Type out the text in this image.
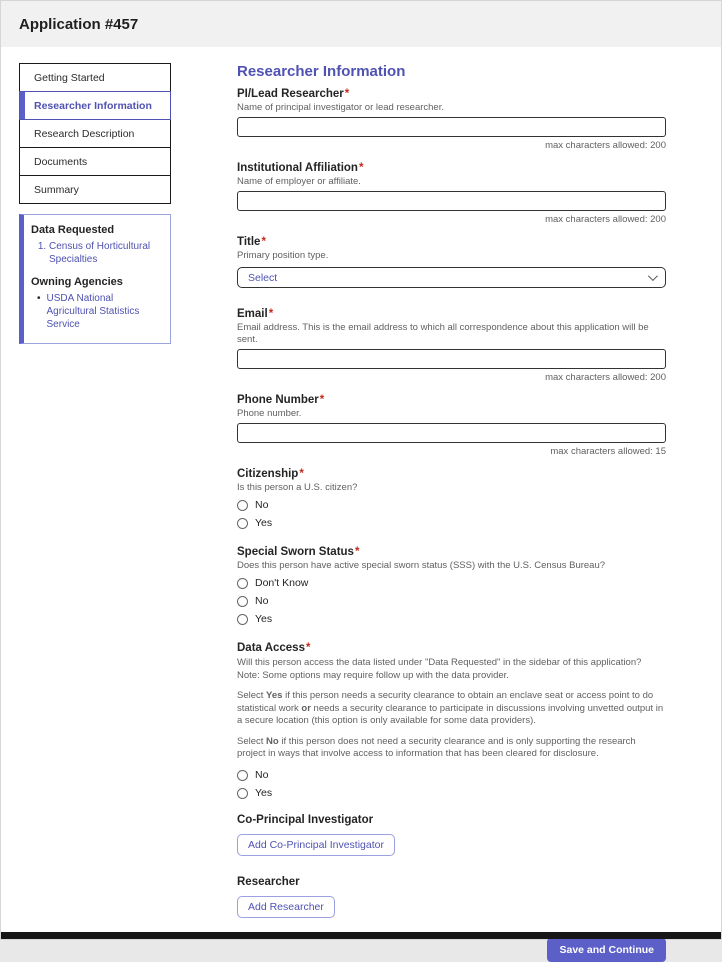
Application #457
Getting Started
Researcher Information
Research Description
Documents
Summary
Data Requested
1. Census of Horticultural Specialties
Owning Agencies
• USDA National Agricultural Statistics Service
Researcher Information
PI/Lead Researcher*
Name of principal investigator or lead researcher.
max characters allowed: 200
Institutional Affiliation*
Name of employer or affiliate.
max characters allowed: 200
Title*
Primary position type.
Select
Email*
Email address. This is the email address to which all correspondence about this application will be sent.
max characters allowed: 200
Phone Number*
Phone number.
max characters allowed: 15
Citizenship*
Is this person a U.S. citizen?
No
Yes
Special Sworn Status*
Does this person have active special sworn status (SSS) with the U.S. Census Bureau?
Don't Know
No
Yes
Data Access*
Will this person access the data listed under "Data Requested" in the sidebar of this application? Note: Some options may require follow up with the data provider.
Select Yes if this person needs a security clearance to obtain an enclave seat or access point to do statistical work or needs a security clearance to participate in discussions involving unvetted output in a secure location (this option is only available for some data providers).
Select No if this person does not need a security clearance and is only supporting the research project in ways that involve access to information that has been cleared for disclosure.
No
Yes
Co-Principal Investigator
Add Co-Principal Investigator
Researcher
Add Researcher
Save and Continue
